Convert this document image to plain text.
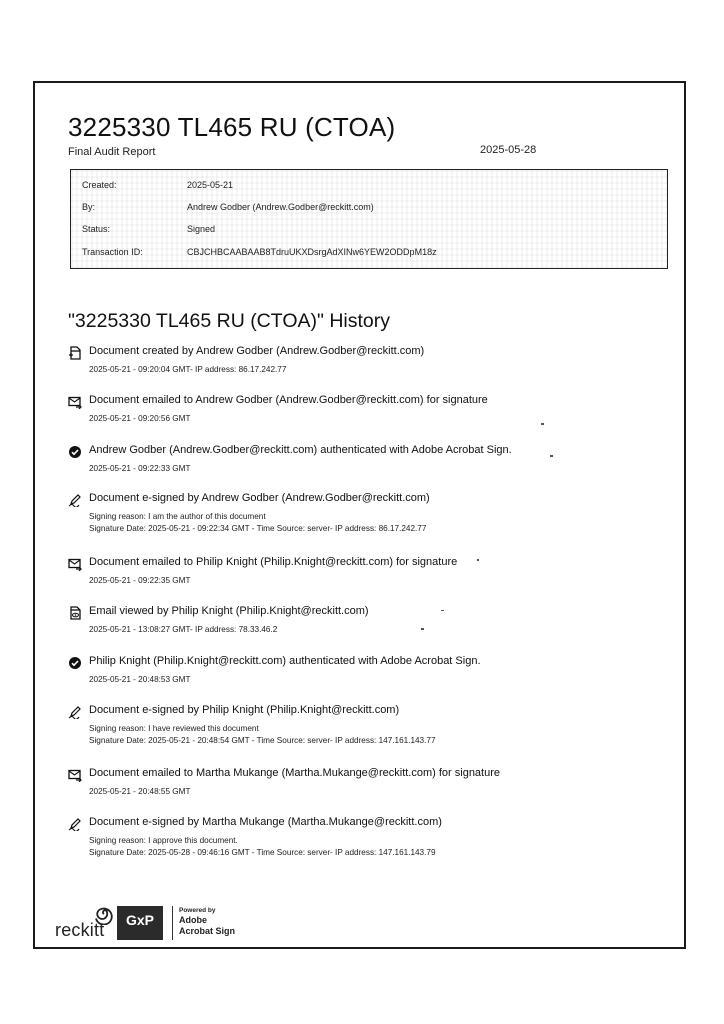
3225330 TL465 RU (CTOA)
Final Audit Report	2025-05-28
Created:	2025-05-21
By:	Andrew Godber (Andrew.Godber@reckitt.com)
Status:	Signed
Transaction ID:	CBJCHBCAABAAB8TdruUKXDsrgAdXINw6YEW2ODDpM18z
"3225330 TL465 RU (CTOA)" History
Document created by Andrew Godber (Andrew.Godber@reckitt.com)
2025-05-21 - 09:20:04 GMT- IP address: 86.17.242.77
Document emailed to Andrew Godber (Andrew.Godber@reckitt.com) for signature
2025-05-21 - 09:20:56 GMT
Andrew Godber (Andrew.Godber@reckitt.com) authenticated with Adobe Acrobat Sign.
2025-05-21 - 09:22:33 GMT
Document e-signed by Andrew Godber (Andrew.Godber@reckitt.com)
Signing reason: I am the author of this document
Signature Date: 2025-05-21 - 09:22:34 GMT - Time Source: server- IP address: 86.17.242.77
Document emailed to Philip Knight (Philip.Knight@reckitt.com) for signature
2025-05-21 - 09:22:35 GMT
Email viewed by Philip Knight (Philip.Knight@reckitt.com)
2025-05-21 - 13:08:27 GMT- IP address: 78.33.46.2
Philip Knight (Philip.Knight@reckitt.com) authenticated with Adobe Acrobat Sign.
2025-05-21 - 20:48:53 GMT
Document e-signed by Philip Knight (Philip.Knight@reckitt.com)
Signing reason: I have reviewed this document
Signature Date: 2025-05-21 - 20:48:54 GMT - Time Source: server- IP address: 147.161.143.77
Document emailed to Martha Mukange (Martha.Mukange@reckitt.com) for signature
2025-05-21 - 20:48:55 GMT
Document e-signed by Martha Mukange (Martha.Mukange@reckitt.com)
Signing reason: I approve this document.
Signature Date: 2025-05-28 - 09:46:16 GMT - Time Source: server- IP address: 147.161.143.79
reckitt	GxP
Powered by
Adobe
Acrobat Sign
